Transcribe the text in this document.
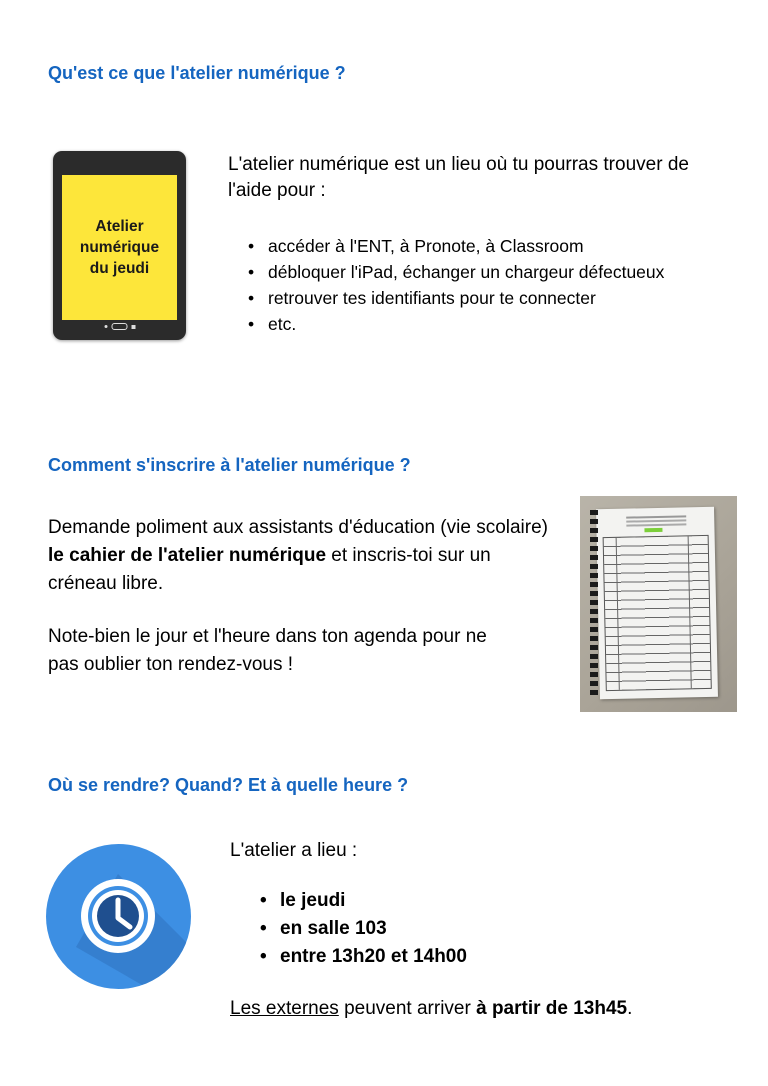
Qu'est ce que l'atelier numérique ?
Atelier
numérique
du jeudi

L'atelier numérique est un lieu où tu pourras trouver de l'aide pour :

• accéder à l'ENT, à Pronote, à Classroom
• débloquer l'iPad, échanger un chargeur défectueux
• retrouver tes identifiants pour te connecter
• etc.
Comment s'inscrire à l'atelier numérique ?

Demande poliment aux assistants d'éducation (vie scolaire) le cahier de l'atelier numérique et inscris-toi sur un créneau libre.

Note-bien le jour et l'heure dans ton agenda pour ne pas oublier ton rendez-vous !

Où se rendre? Quand? Et à quelle heure ?

L'atelier a lieu :

• le jeudi
• en salle 103
• entre 13h20 et 14h00

Les externes peuvent arriver à partir de 13h45.
